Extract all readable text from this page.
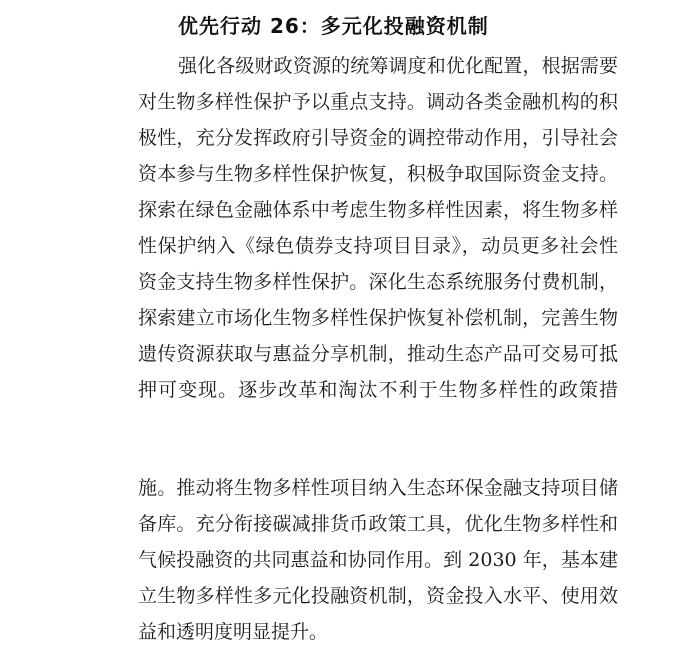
优先行动 26：多元化投融资机制
强化各级财政资源的统筹调度和优化配置，根据需要
对生物多样性保护予以重点支持。调动各类金融机构的积
极性，充分发挥政府引导资金的调控带动作用，引导社会
资本参与生物多样性保护恢复，积极争取国际资金支持。
探索在绿色金融体系中考虑生物多样性因素，将生物多样
性保护纳入《绿色债券支持项目目录》，动员更多社会性
资金支持生物多样性保护。深化生态系统服务付费机制，
探索建立市场化生物多样性保护恢复补偿机制，完善生物
遗传资源获取与惠益分享机制，推动生态产品可交易可抵
押可变现。逐步改革和淘汰不利于生物多样性的政策措
施。推动将生物多样性项目纳入生态环保金融支持项目储
备库。充分衔接碳减排货币政策工具，优化生物多样性和
气候投融资的共同惠益和协同作用。到 2030 年，基本建
立生物多样性多元化投融资机制，资金投入水平、使用效
益和透明度明显提升。
